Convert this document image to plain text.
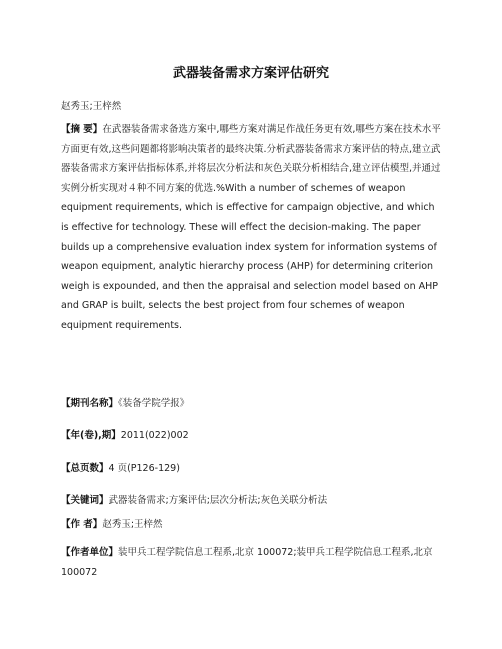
武器装备需求方案评估研究
赵秀玉;王梓然

【摘 要】在武器装备需求备选方案中,哪些方案对满足作战任务更有效,哪些方案在技术水平方面更有效,这些问题都将影响决策者的最终决策.分析武器装备需求方案评估的特点,建立武器装备需求方案评估指标体系,并将层次分析法和灰色关联分析相结合,建立评估模型,并通过实例分析实现对４种不同方案的优选.%With a number of schemes of weapon equipment requirements, which is effective for campaign objective, and which is effective for technology. These will effect the decision-making. The paper builds up a comprehensive evaluation index system for information systems of weapon equipment, analytic hierarchy process (AHP) for determining criterion weigh is expounded, and then the appraisal and selection model based on AHP and GRAP is built, selects the best project from four schemes of weapon equipment requirements.

【期刊名称】《装备学院学报》
【年(卷),期】2011(022)002
【总页数】4 页(P126-129)
【关键词】武器装备需求;方案评估;层次分析法;灰色关联分析法
【作 者】赵秀玉;王梓然
【作者单位】装甲兵工程学院信息工程系,北京 100072;装甲兵工程学院信息工程系,北京 100072
